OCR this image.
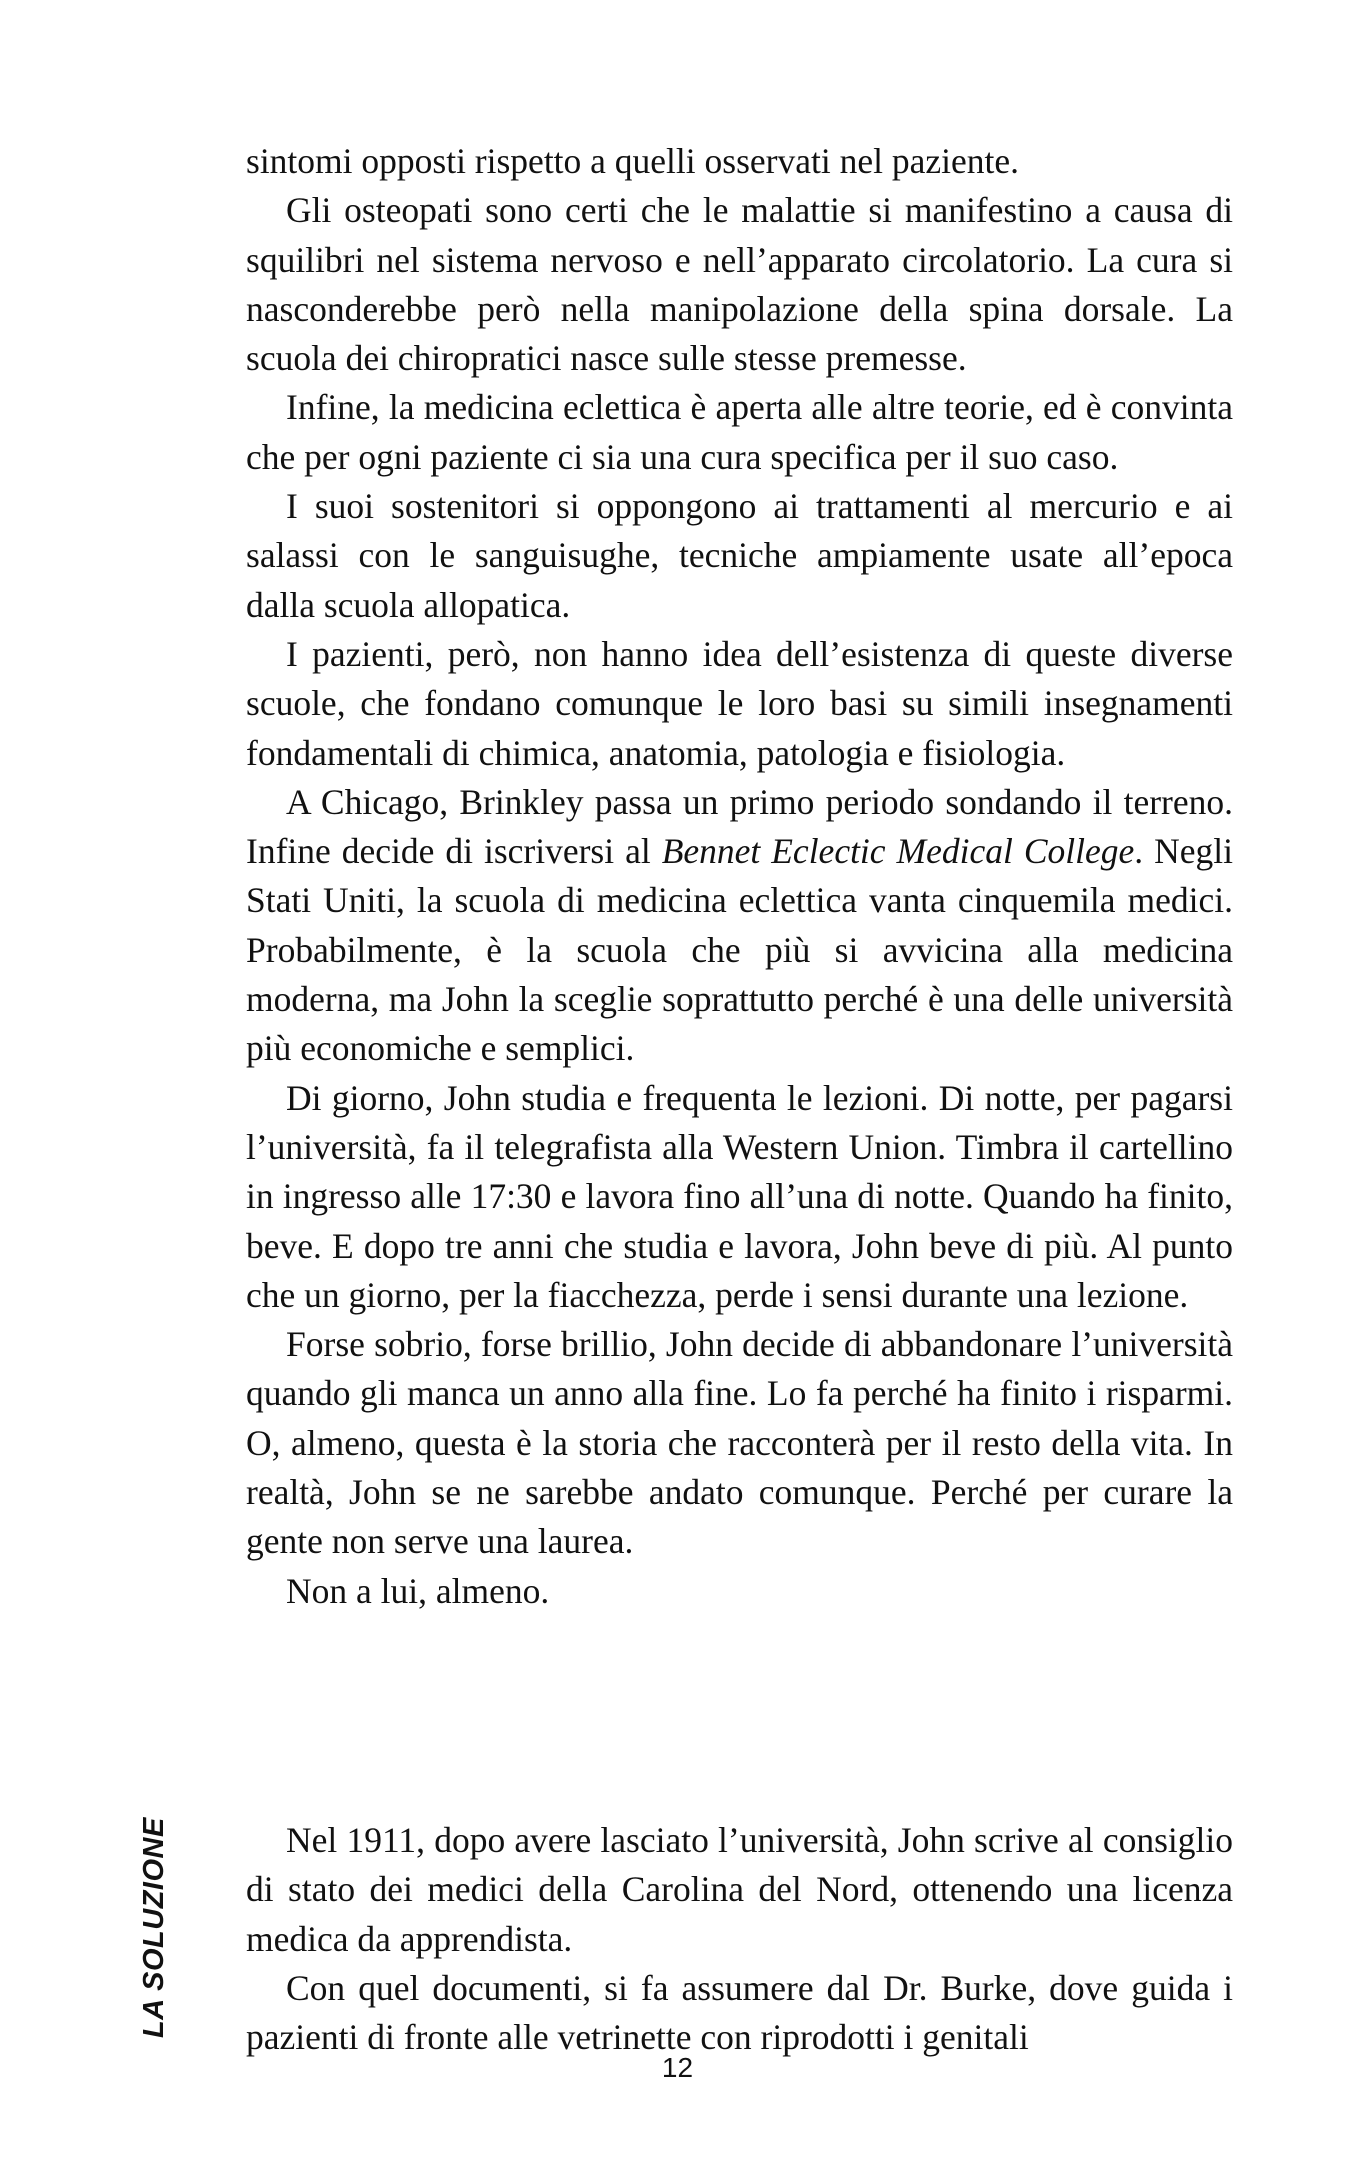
sintomi opposti rispetto a quelli osservati nel paziente.

Gli osteopati sono certi che le malattie si manifestino a causa di squilibri nel sistema nervoso e nell’apparato circolatorio. La cura si nasconderebbe però nella manipolazione della spina dorsale. La scuola dei chiropratici nasce sulle stesse premesse.

Infine, la medicina eclettica è aperta alle altre teorie, ed è convinta che per ogni paziente ci sia una cura specifica per il suo caso.

I suoi sostenitori si oppongono ai trattamenti al mercurio e ai salassi con le sanguisughe, tecniche ampiamente usate all’epoca dalla scuola allopatica.

I pazienti, però, non hanno idea dell’esistenza di queste diverse scuole, che fondano comunque le loro basi su simili insegnamenti fondamentali di chimica, anatomia, patologia e fisiologia.

A Chicago, Brinkley passa un primo periodo sondando il terreno. Infine decide di iscriversi al Bennet Eclectic Medical College. Negli Stati Uniti, la scuola di medicina eclettica vanta cinquemila medici. Probabilmente, è la scuola che più si avvicina alla medicina moderna, ma John la sceglie soprattutto perché è una delle università più economiche e semplici.

Di giorno, John studia e frequenta le lezioni. Di notte, per pagarsi l’università, fa il telegrafista alla Western Union. Timbra il cartellino in ingresso alle 17:30 e lavora fino all’una di notte. Quando ha finito, beve. E dopo tre anni che studia e lavora, John beve di più. Al punto che un giorno, per la fiacchezza, perde i sensi durante una lezione.

Forse sobrio, forse brillio, John decide di abbandonare l’università quando gli manca un anno alla fine. Lo fa perché ha finito i risparmi. O, almeno, questa è la storia che racconterà per il resto della vita. In realtà, John se ne sarebbe andato comunque. Perché per curare la gente non serve una laurea.

Non a lui, almeno.

Nel 1911, dopo avere lasciato l’università, John scrive al consiglio di stato dei medici della Carolina del Nord, ottenendo una licenza medica da apprendista.

Con quel documenti, si fa assumere dal Dr. Burke, dove guida i pazienti di fronte alle vetrinette con riprodotti i genitali

LA SOLUZIONE
12
